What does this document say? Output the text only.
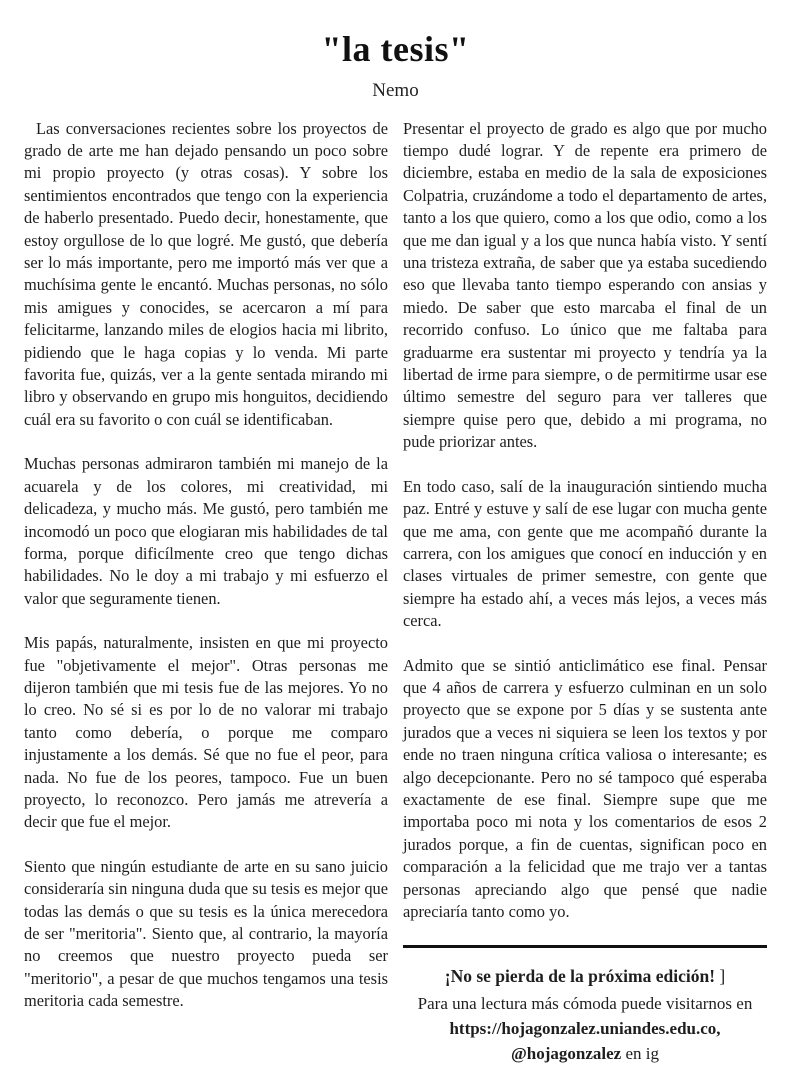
"la tesis"
Nemo

Las conversaciones recientes sobre los proyectos de grado de arte me han dejado pensando un poco sobre mi propio proyecto (y otras cosas). Y sobre los sentimientos encontrados que tengo con la experiencia de haberlo presentado. Puedo decir, honestamente, que estoy orgullose de lo que logré. Me gustó, que debería ser lo más importante, pero me importó más ver que a muchísima gente le encantó. Muchas personas, no sólo mis amigues y conocides, se acercaron a mí para felicitarme, lanzando miles de elogios hacia mi librito, pidiendo que le haga copias y lo venda. Mi parte favorita fue, quizás, ver a la gente sentada mirando mi libro y observando en grupo mis honguitos, decidiendo cuál era su favorito o con cuál se identificaban.

Muchas personas admiraron también mi manejo de la acuarela y de los colores, mi creatividad, mi delicadeza, y mucho más. Me gustó, pero también me incomodó un poco que elogiaran mis habilidades de tal forma, porque dificílmente creo que tengo dichas habilidades. No le doy a mi trabajo y mi esfuerzo el valor que seguramente tienen.

Mis papás, naturalmente, insisten en que mi proyecto fue "objetivamente el mejor". Otras personas me dijeron también que mi tesis fue de las mejores. Yo no lo creo. No sé si es por lo de no valorar mi trabajo tanto como debería, o porque me comparo injustamente a los demás. Sé que no fue el peor, para nada. No fue de los peores, tampoco. Fue un buen proyecto, lo reconozco. Pero jamás me atrevería a decir que fue el mejor.

Siento que ningún estudiante de arte en su sano juicio consideraría sin ninguna duda que su tesis es mejor que todas las demás o que su tesis es la única merecedora de ser "meritoria". Siento que, al contrario, la mayoría no creemos que nuestro proyecto pueda ser "meritorio", a pesar de que muchos tengamos una tesis meritoria cada semestre.

Presentar el proyecto de grado es algo que por mucho tiempo dudé lograr. Y de repente era primero de diciembre, estaba en medio de la sala de exposiciones Colpatria, cruzándome a todo el departamento de artes, tanto a los que quiero, como a los que odio, como a los que me dan igual y a los que nunca había visto. Y sentí una tristeza extraña, de saber que ya estaba sucediendo eso que llevaba tanto tiempo esperando con ansias y miedo. De saber que esto marcaba el final de un recorrido confuso. Lo único que me faltaba para graduarme era sustentar mi proyecto y tendría ya la libertad de irme para siempre, o de permitirme usar ese último semestre del seguro para ver talleres que siempre quise pero que, debido a mi programa, no pude priorizar antes.

En todo caso, salí de la inauguración sintiendo mucha paz. Entré y estuve y salí de ese lugar con mucha gente que me ama, con gente que me acompañó durante la carrera, con los amigues que conocí en inducción y en clases virtuales de primer semestre, con gente que siempre ha estado ahí, a veces más lejos, a veces más cerca.

Admito que se sintió anticlimático ese final. Pensar que 4 años de carrera y esfuerzo culminan en un solo proyecto que se expone por 5 días y se sustenta ante jurados que a veces ni siquiera se leen los textos y por ende no traen ninguna crítica valiosa o interesante; es algo decepcionante. Pero no sé tampoco qué esperaba exactamente de ese final. Siempre supe que me importaba poco mi nota y los comentarios de esos 2 jurados porque, a fin de cuentas, significan poco en comparación a la felicidad que me trajo ver a tantas personas apreciando algo que pensé que nadie apreciaría tanto como yo.

¡No se pierda de la próxima edición! ]

Para una lectura más cómoda puede visitarnos en https://hojagonzalez.uniandes.edu.co, @hojagonzalez en ig
